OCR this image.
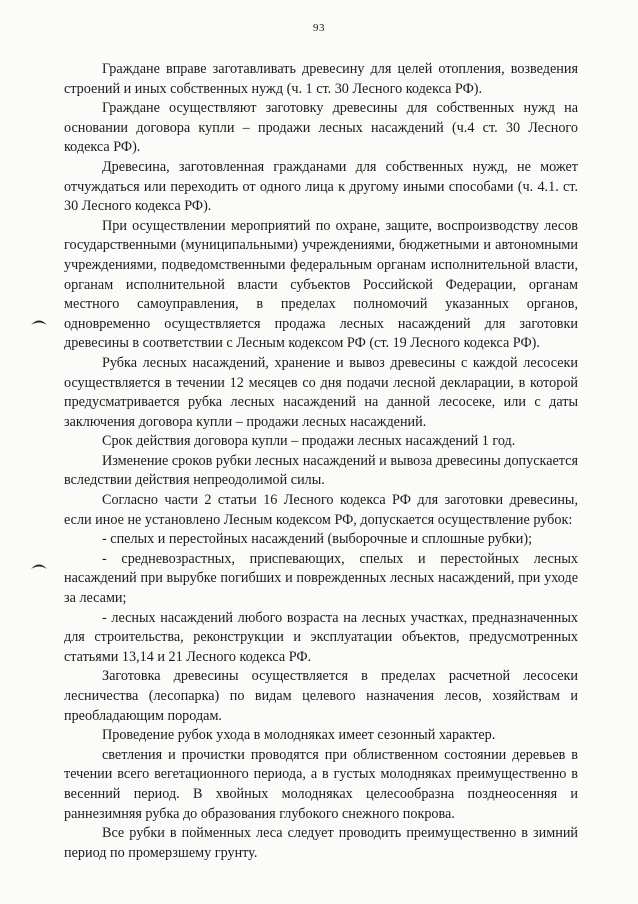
93

Граждане вправе заготавливать древесину для целей отопления, возведения строений и иных собственных нужд (ч. 1 ст. 30 Лесного кодекса РФ).

Граждане осуществляют заготовку древесины для собственных нужд на основании договора купли – продажи лесных насаждений (ч.4 ст. 30 Лесного кодекса РФ).

Древесина, заготовленная гражданами для собственных нужд, не может отчуждаться или переходить от одного лица к другому иными способами (ч. 4.1. ст. 30 Лесного кодекса РФ).

При осуществлении мероприятий по охране, защите, воспроизводству лесов государственными (муниципальными) учреждениями, бюджетными и автономными учреждениями, подведомственными федеральным органам исполнительной власти, органам исполнительной власти субъектов Российской Федерации, органам местного самоуправления, в пределах полномочий указанных органов, одновременно осуществляется продажа лесных насаждений для заготовки древесины в соответствии с Лесным кодексом РФ (ст. 19 Лесного кодекса РФ).

Рубка лесных насаждений, хранение и вывоз древесины с каждой лесосеки осуществляется в течении 12 месяцев со дня подачи лесной декларации, в которой предусматривается рубка лесных насаждений на данной лесосеке, или с даты заключения договора купли – продажи лесных насаждений.

Срок действия договора купли – продажи лесных насаждений 1 год.

Изменение сроков рубки лесных насаждений и вывоза древесины допускается вследствии действия непреодолимой силы.

Согласно части 2 статьи 16 Лесного кодекса РФ для заготовки древесины, если иное не установлено Лесным кодексом РФ, допускается осуществление рубок:

- спелых и перестойных насаждений (выборочные и сплошные рубки);

- средневозрастных, приспевающих, спелых и перестойных лесных насаждений при вырубке погибших и поврежденных лесных насаждений, при уходе за лесами;

- лесных насаждений любого возраста на лесных участках, предназначенных для строительства, реконструкции и эксплуатации объектов, предусмотренных статьями 13,14 и 21 Лесного кодекса РФ.

Заготовка древесины осуществляется в пределах расчетной лесосеки лесничества (лесопарка) по видам целевого назначения лесов, хозяйствам и преобладающим породам.

Проведение рубок ухода в молодняках имеет сезонный характер.

светления и прочистки проводятся при облиственном состоянии деревьев в течении всего вегетационного периода, а в густых молодняках преимущественно в весенний период. В хвойных молодняках целесообразна позднеосенняя и раннезимняя рубка до образования глубокого снежного покрова.

Все рубки в пойменных леса следует проводить преимущественно в зимний период по промерзшему грунту.
